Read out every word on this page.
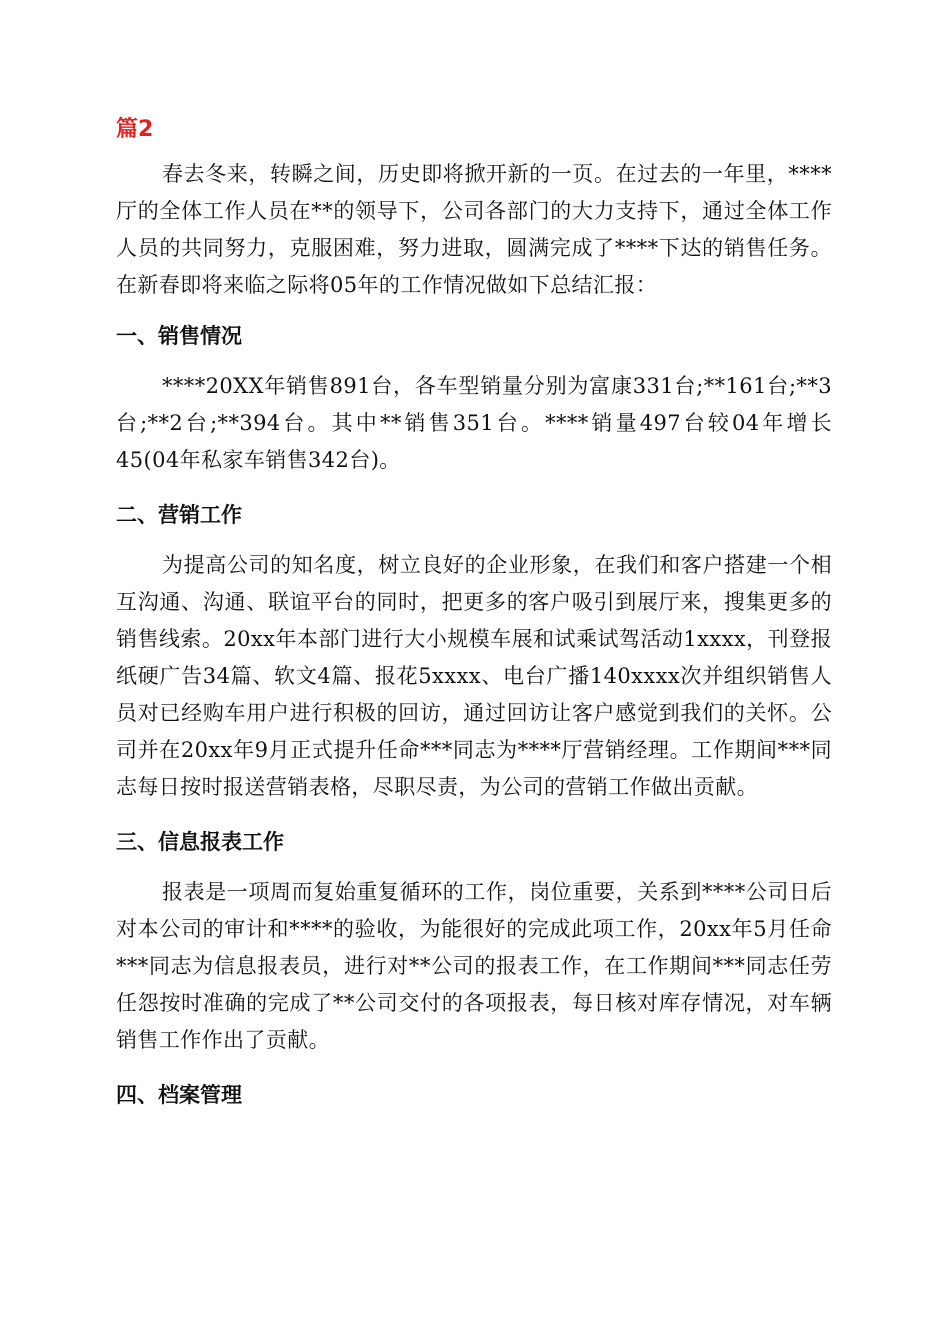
篇2

春去冬来，转瞬之间，历史即将掀开新的一页。在过去的一年里，****厅的全体工作人员在**的领导下，公司各部门的大力支持下，通过全体工作人员的共同努力，克服困难，努力进取，圆满完成了****下达的销售任务。在新春即将来临之际将05年的工作情况做如下总结汇报：

一、销售情况

****20XX年销售891台，各车型销量分别为富康331台;**161台;**3台;**2台;**394台。其中**销售351台。****销量497台较04年增长45(04年私家车销售342台)。

二、营销工作

为提高公司的知名度，树立良好的企业形象，在我们和客户搭建一个相互沟通、沟通、联谊平台的同时，把更多的客户吸引到展厅来，搜集更多的销售线索。20xx年本部门进行大小规模车展和试乘试驾活动1xxxx，刊登报纸硬广告34篇、软文4篇、报花5xxxx、电台广播140xxxx次并组织销售人员对已经购车用户进行积极的回访，通过回访让客户感觉到我们的关怀。公司并在20xx年9月正式提升任命***同志为****厅营销经理。工作期间***同志每日按时报送营销表格，尽职尽责，为公司的营销工作做出贡献。

三、信息报表工作

报表是一项周而复始重复循环的工作，岗位重要，关系到****公司日后对本公司的审计和****的验收，为能很好的完成此项工作，20xx年5月任命***同志为信息报表员，进行对**公司的报表工作，在工作期间***同志任劳任怨按时准确的完成了**公司交付的各项报表，每日核对库存情况，对车辆销售工作作出了贡献。

四、档案管理
